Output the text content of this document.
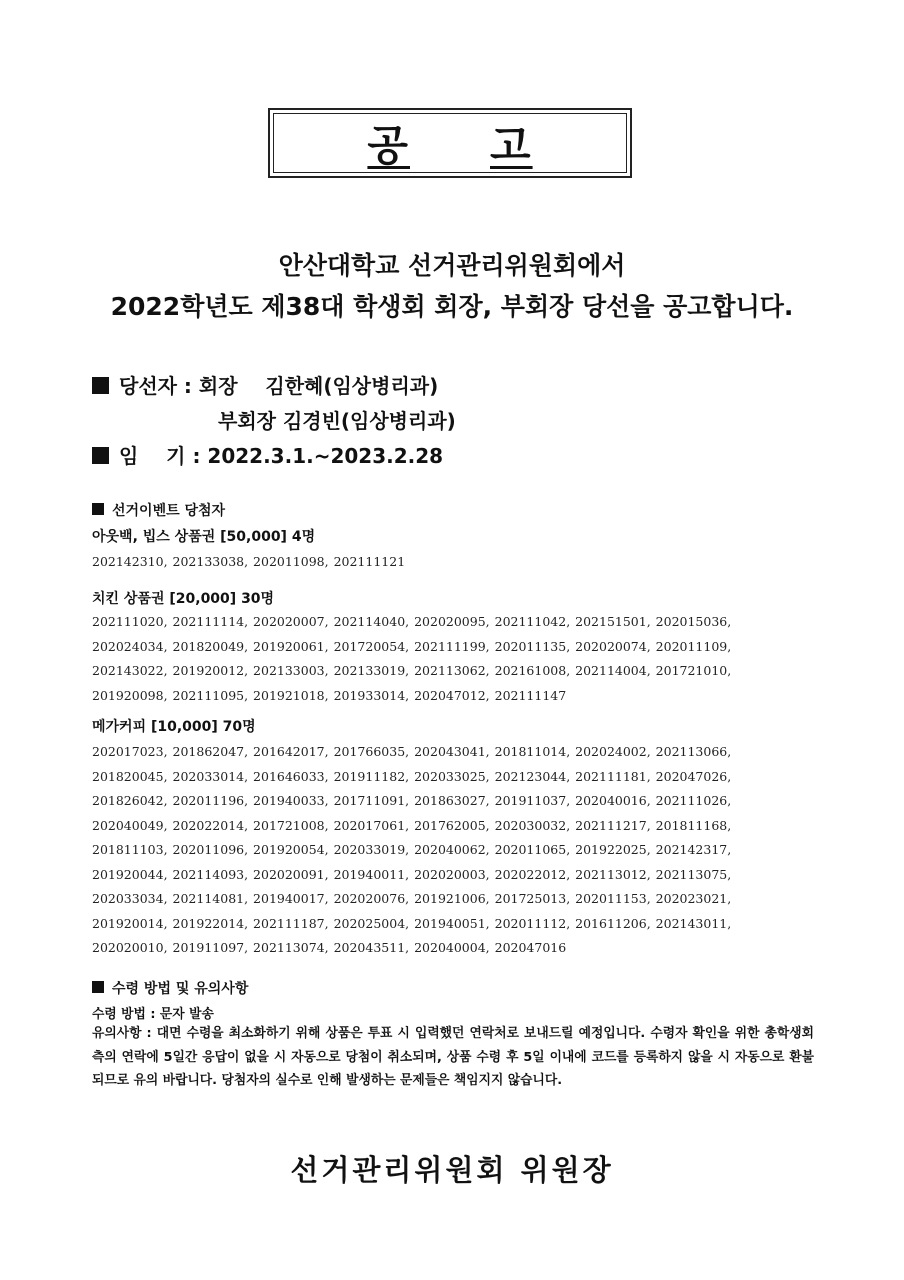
공 고
안산대학교 선거관리위원회에서
2022학년도 제38대 학생회 회장, 부회장 당선을 공고합니다.
당선자 : 회장 김한혜(임상병리과)
부회장 김경빈(임상병리과)
임    기 : 2022.3.1.~2023.2.28
선거이벤트 당첨자
아웃백, 빕스 상품권 [50,000] 4명
202142310, 202133038, 202011098, 202111121
치킨 상품권 [20,000] 30명
202111020, 202111114, 202020007, 202114040, 202020095, 202111042, 202151501, 202015036, 202024034, 201820049, 201920061, 201720054, 202111199, 202011135, 202020074, 202011109, 202143022, 201920012, 202133003, 202133019, 202113062, 202161008, 202114004, 201721010, 201920098, 202111095, 201921018, 201933014, 202047012, 202111147
메가커피 [10,000] 70명
202017023, 201862047, 201642017, 201766035, 202043041, 201811014, 202024002, 202113066, 201820045, 202033014, 201646033, 201911182, 202033025, 202123044, 202111181, 202047026, 201826042, 202011196, 201940033, 201711091, 201863027, 201911037, 202040016, 202111026, 202040049, 202022014, 201721008, 202017061, 201762005, 202030032, 202111217, 201811168, 201811103, 202011096, 201920054, 202033019, 202040062, 202011065, 201922025, 202142317, 201920044, 202114093, 202020091, 201940011, 202020003, 202022012, 202113012, 202113075, 202033034, 202114081, 201940017, 202020076, 201921006, 201725013, 202011153, 202023021, 201920014, 201922014, 202111187, 202025004, 201940051, 202011112, 201611206, 202143011, 202020010, 201911097, 202113074, 202043511, 202040004, 202047016
수령 방법 및 유의사항
수령 방법 : 문자 발송
유의사항 : 대면 수령을 최소화하기 위해 상품은 투표 시 입력했던 연락처로 보내드릴 예정입니다. 수령자 확인을 위한 총학생회 측의 연락에 5일간 응답이 없을 시 자동으로 당첨이 취소되며, 상품 수령 후 5일 이내에 코드를 등록하지 않을 시 자동으로 환불되므로 유의 바랍니다. 당첨자의 실수로 인해 발생하는 문제들은 책임지지 않습니다.
선거관리위원회 위원장
